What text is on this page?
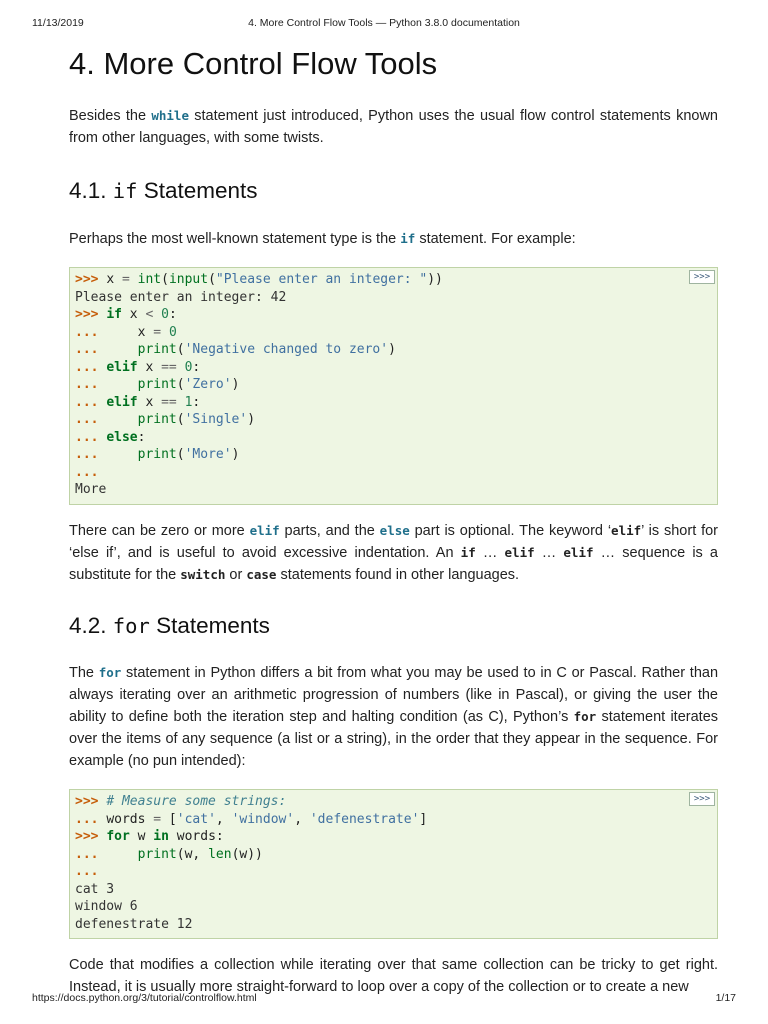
11/13/2019	4. More Control Flow Tools — Python 3.8.0 documentation
4. More Control Flow Tools

Besides the while statement just introduced, Python uses the usual flow control statements known from other languages, with some twists.

4.1. if Statements

Perhaps the most well-known statement type is the if statement. For example:

>>>
>>> x = int(input("Please enter an integer: "))
Please enter an integer: 42
>>> if x < 0:
...     x = 0
...	print('Negative changed to zero')
... elif x == 0:
...	print('Zero')
... elif x == 1:
...	print('Single')
... else:
...	print('More')
...
More

There can be zero or more elif parts, and the else part is optional. The keyword ‘elif’ is short for ‘else if’, and is useful to avoid excessive indentation. An if … elif … elif … sequence is a substitute for the switch or case statements found in other languages.

4.2. for Statements

The for statement in Python differs a bit from what you may be used to in C or Pascal. Rather than always iterating over an arithmetic progression of numbers (like in Pascal), or giving the user the ability to define both the iteration step and halting condition (as C), Python’s for statement iterates over the items of any sequence (a list or a string), in the order that they appear in the sequence. For example (no pun intended):

>>>
>>> # Measure some strings:
... words = ['cat', 'window', 'defenestrate']
>>> for w in words:
...	print(w, len(w))
...
cat 3
window 6
defenestrate 12

Code that modifies a collection while iterating over that same collection can be tricky to get right. Instead, it is usually more straight-forward to loop over a copy of the collection or to create a new

https://docs.python.org/3/tutorial/controlflow.html	1/17
